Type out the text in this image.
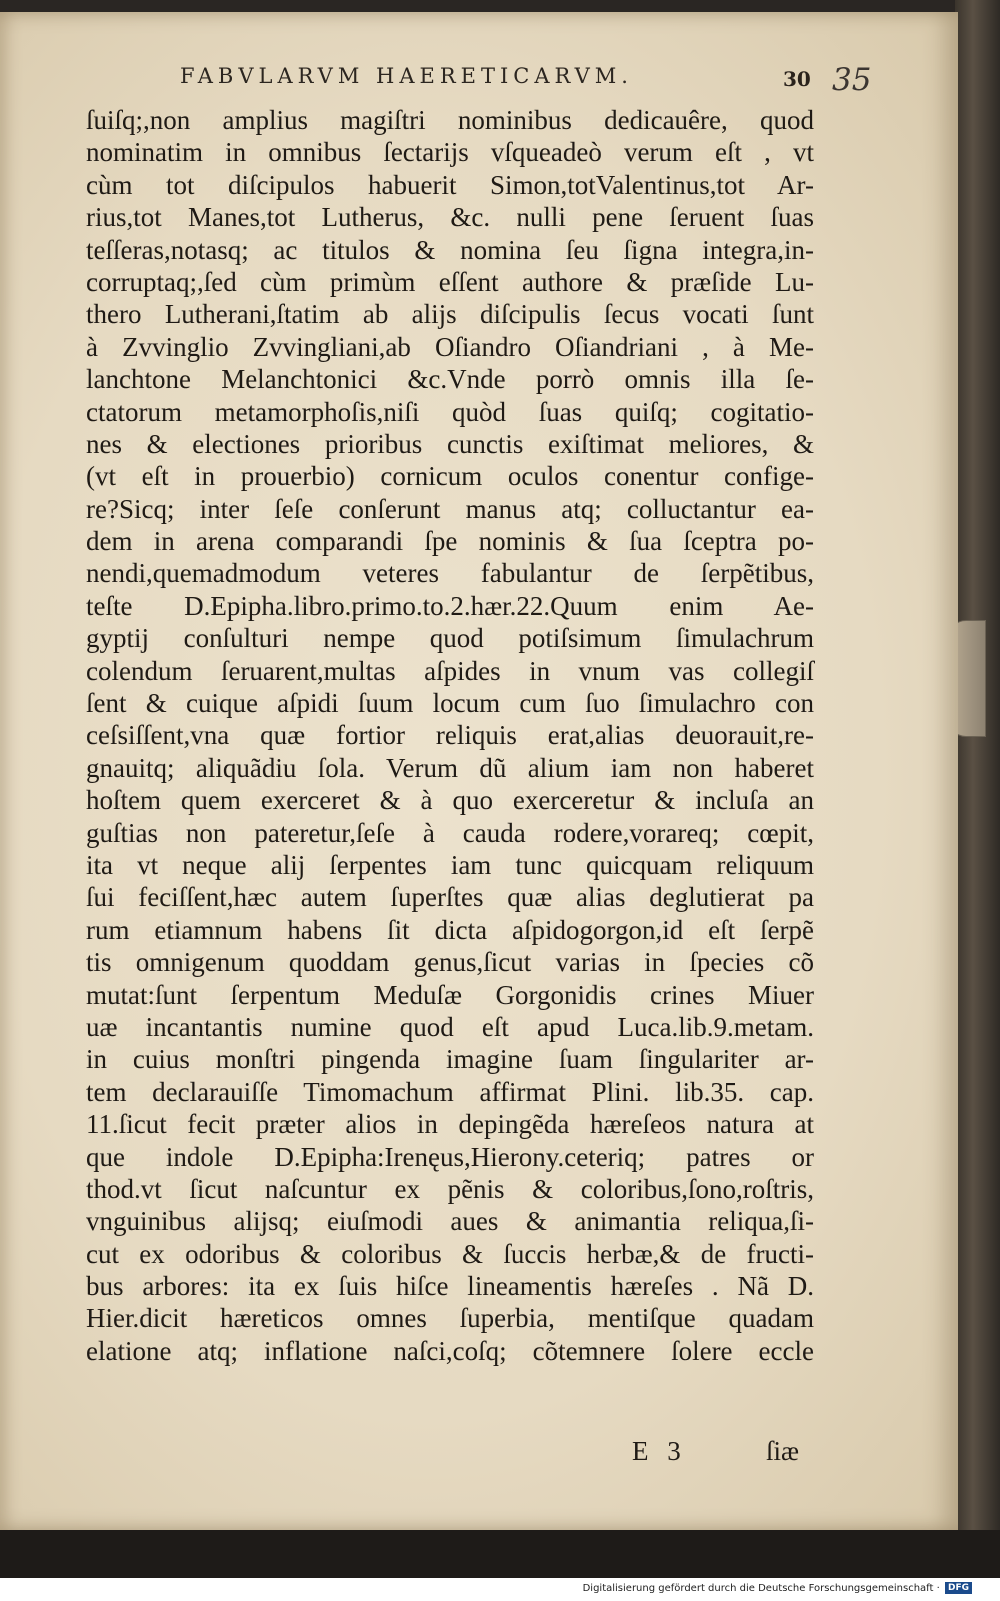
FABVLARVM HAERETICARVM.	30 35
ſuiſq;,non amplius magiſtri nominibus dedicauêre, quod
nominatim in omnibus ſectarijs vſqueadeò verum eſt , vt
cùm tot diſcipulos habuerit Simon,totValentinus,tot Ar-
rius,tot Manes,tot Lutherus, &c. nulli pene ſeruent ſuas
teſſeras,notasq; ac titulos & nomina ſeu ſigna integra,in-
corruptaq;,ſed cùm primùm eſſent authore & præſide Lu-
thero Lutherani,ſtatim ab alijs diſcipulis ſecus vocati ſunt
à Zvvinglio Zvvingliani,ab Oſiandro Oſiandriani , à Me-
lanchtone Melanchtonici &c.Vnde porrò omnis illa ſe-
ctatorum metamorphoſis,niſi quòd ſuas quiſq; cogitatio-
nes & electiones prioribus cunctis exiſtimat meliores, &
(vt eſt in prouerbio) cornicum oculos conentur confige-
re?Sicq; inter ſeſe conſerunt manus atq; colluctantur ea-
dem in arena comparandi ſpe nominis & ſua ſceptra po-
nendi,quemadmodum veteres fabulantur de ſerpẽtibus,
teſte D.Epipha.libro.primo.to.2.hær.22.Quum enim Ae-
gyptij conſulturi nempe quod potiſsimum ſimulachrum
colendum ſeruarent,multas aſpides in vnum vas collegiſ
ſent & cuique aſpidi ſuum locum cum ſuo ſimulachro con
ceſsiſſent,vna quæ fortior reliquis erat,alias deuorauit,re-
gnauitq; aliquãdiu ſola. Verum dũ alium iam non haberet
hoſtem quem exerceret & à quo exerceretur & incluſa an
guſtias non pateretur,ſeſe à cauda rodere,vorareq; cœpit,
ita vt neque alij ſerpentes iam tunc quicquam reliquum
ſui feciſſent,hæc autem ſuperſtes quæ alias deglutierat pa
rum etiamnum habens ſit dicta aſpidogorgon,id eſt ſerpẽ
tis omnigenum quoddam genus,ſicut varias in ſpecies cõ
mutat:ſunt ſerpentum Meduſæ Gorgonidis crines Miuer
uæ incantantis numine quod eſt apud Luca.lib.9.metam.
in cuius monſtri pingenda imagine ſuam ſingulariter ar-
tem declarauiſſe Timomachum affirmat Plini. lib.35. cap.
11.ſicut fecit præter alios in depingẽda hæreſeos natura at
que indole D.Epipha:Irenęus,Hierony.ceteriq; patres or
thod.vt ſicut naſcuntur ex pẽnis & coloribus,ſono,roſtris,
vnguinibus alijsq; eiuſmodi aues & animantia reliqua,ſi-
cut ex odoribus & coloribus & ſuccis herbæ,& de fructi-
bus arbores: ita ex ſuis hiſce lineamentis hæreſes . Nã D.
Hier.dicit hæreticos omnes ſuperbia, mentiſque quadam
elatione atq; inflatione naſci,coſq; cõtemnere ſolere eccle
E 3	ſiæ
Digitalisierung gefördert durch die Deutsche Forschungsgemeinschaft · DFG
